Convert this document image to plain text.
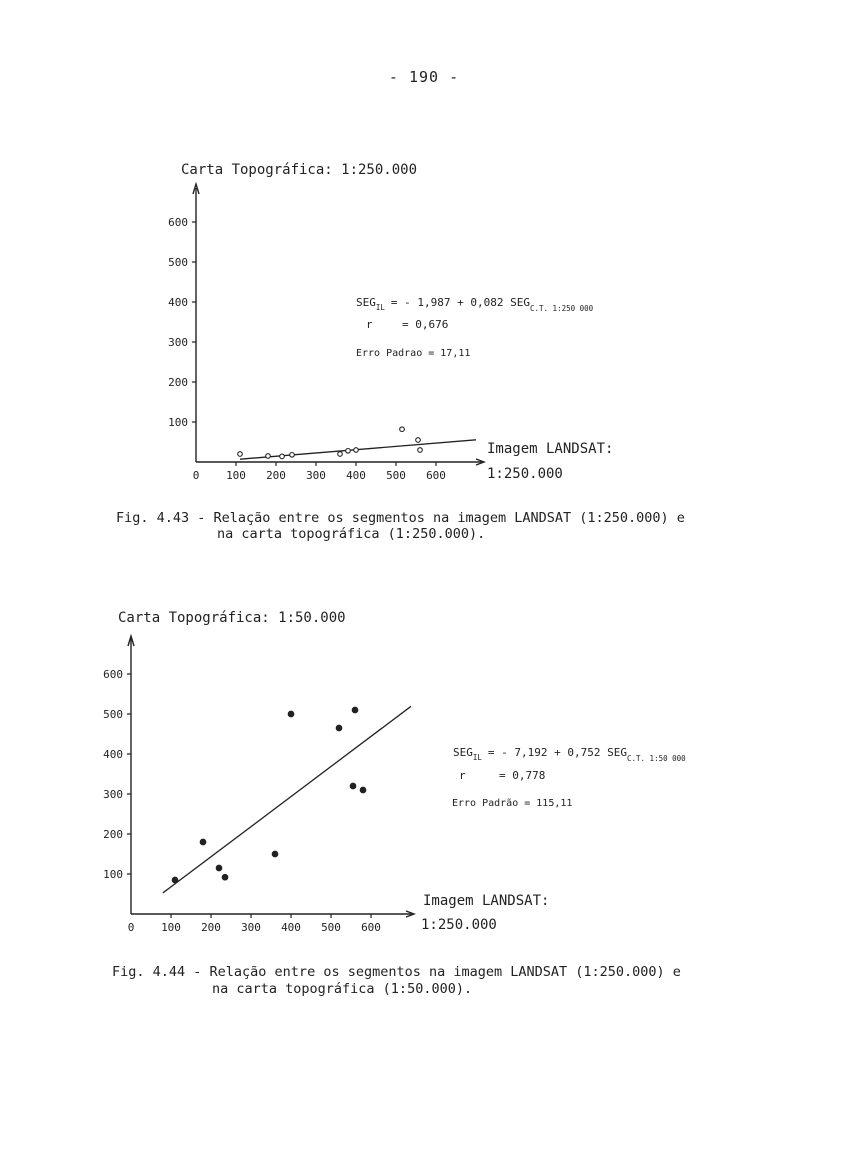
- 190 -
Carta Topográfica: 1:250.000
100
200
300
400
500
600
0 100 200 300 400 500 600
Imagem LANDSAT:
1:250.000
$SEG_{IL}$ = - 1,987 + 0,082 $SEG_{C.T. 1:250 000}$
r	= 0,676
Erro Padrao = 17,11
Fig. 4.43 - Relação entre os segmentos na imagem LANDSAT (1:250.000) e
na carta topográfica (1:250.000).
Carta Topográfica: 1:50.000
100
200
300
400
500
600
0 100 200 300 400 500 600
Imagem LANDSAT:
1:250.000
$SEG_{IL}$ = - 7,192 + 0,752 $SEG_{C.T. 1:50 000}$
r	= 0,778
Erro Padrão = 115,11
Fig. 4.44 - Relação entre os segmentos na imagem LANDSAT (1:250.000) e
na carta topográfica (1:50.000).
